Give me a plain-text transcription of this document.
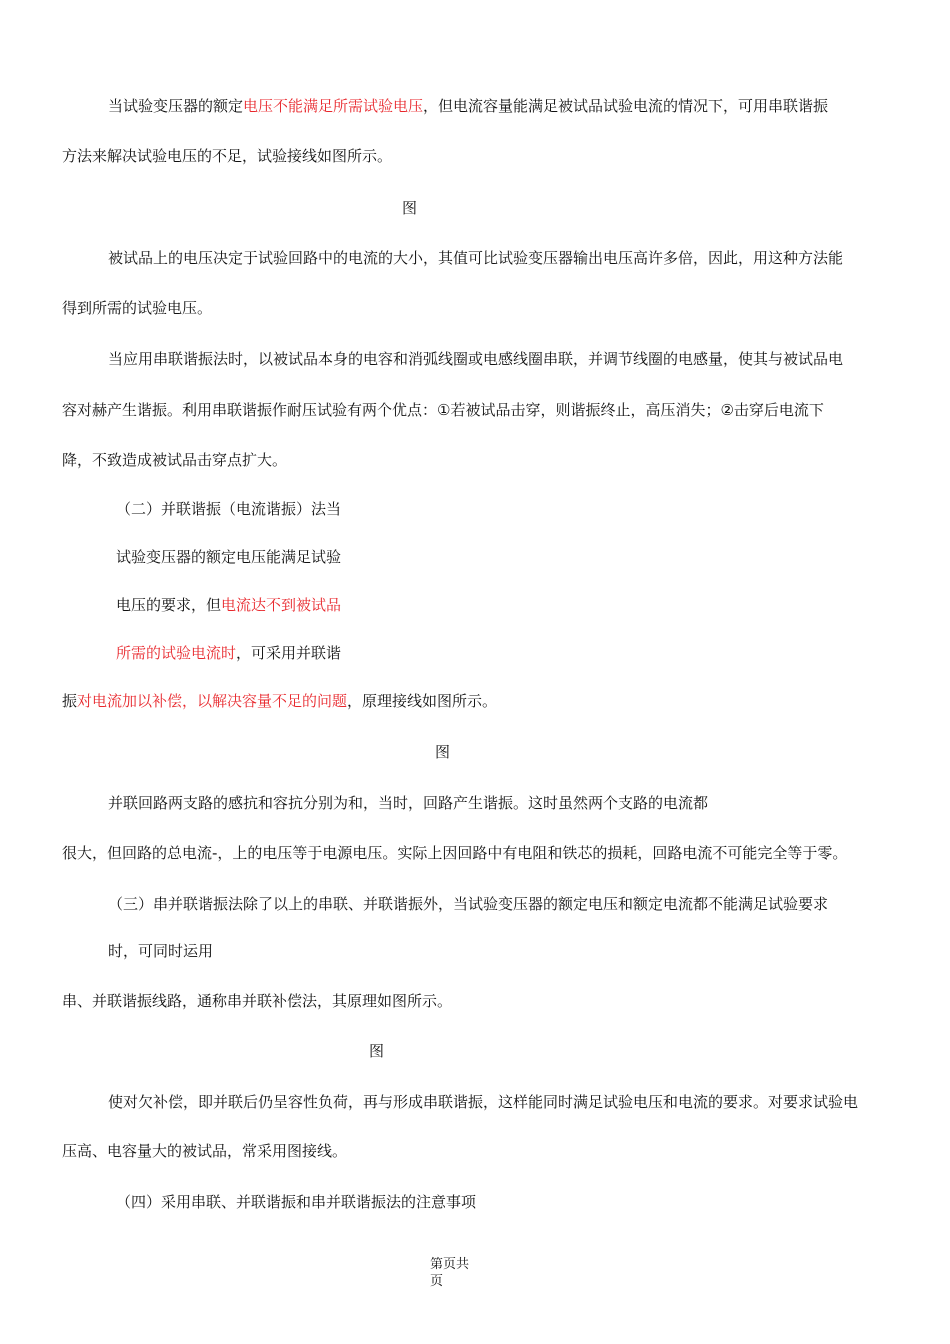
当试验变压器的额定电压不能满足所需试验电压，但电流容量能满足被试品试验电流的情况下，可用串联谐振
方法来解决试验电压的不足，试验接线如图所示。
图
被试品上的电压决定于试验回路中的电流的大小，其值可比试验变压器输出电压高许多倍，因此，用这种方法能
得到所需的试验电压。
当应用串联谐振法时，以被试品本身的电容和消弧线圈或电感线圈串联，并调节线圈的电感量，使其与被试品电
容对赫产生谐振。利用串联谐振作耐压试验有两个优点：①若被试品击穿，则谐振终止，高压消失；②击穿后电流下
降，不致造成被试品击穿点扩大。
（二）并联谐振（电流谐振）法当
试验变压器的额定电压能满足试验
电压的要求，但电流达不到被试品
所需的试验电流时，可采用并联谐
振对电流加以补偿，以解决容量不足的问题，原理接线如图所示。
图
并联回路两支路的感抗和容抗分别为和，当时，回路产生谐振。这时虽然两个支路的电流都
很大，但回路的总电流-，上的电压等于电源电压。实际上因回路中有电阻和铁芯的损耗，回路电流不可能完全等于零。
（三）串并联谐振法除了以上的串联、并联谐振外，当试验变压器的额定电压和额定电流都不能满足试验要求
时，可同时运用
串、并联谐振线路，通称串并联补偿法，其原理如图所示。
图
使对欠补偿，即并联后仍呈容性负荷，再与形成串联谐振，这样能同时满足试验电压和电流的要求。对要求试验电
压高、电容量大的被试品，常采用图接线。
（四）采用串联、并联谐振和串并联谐振法的注意事项
第页共
页
